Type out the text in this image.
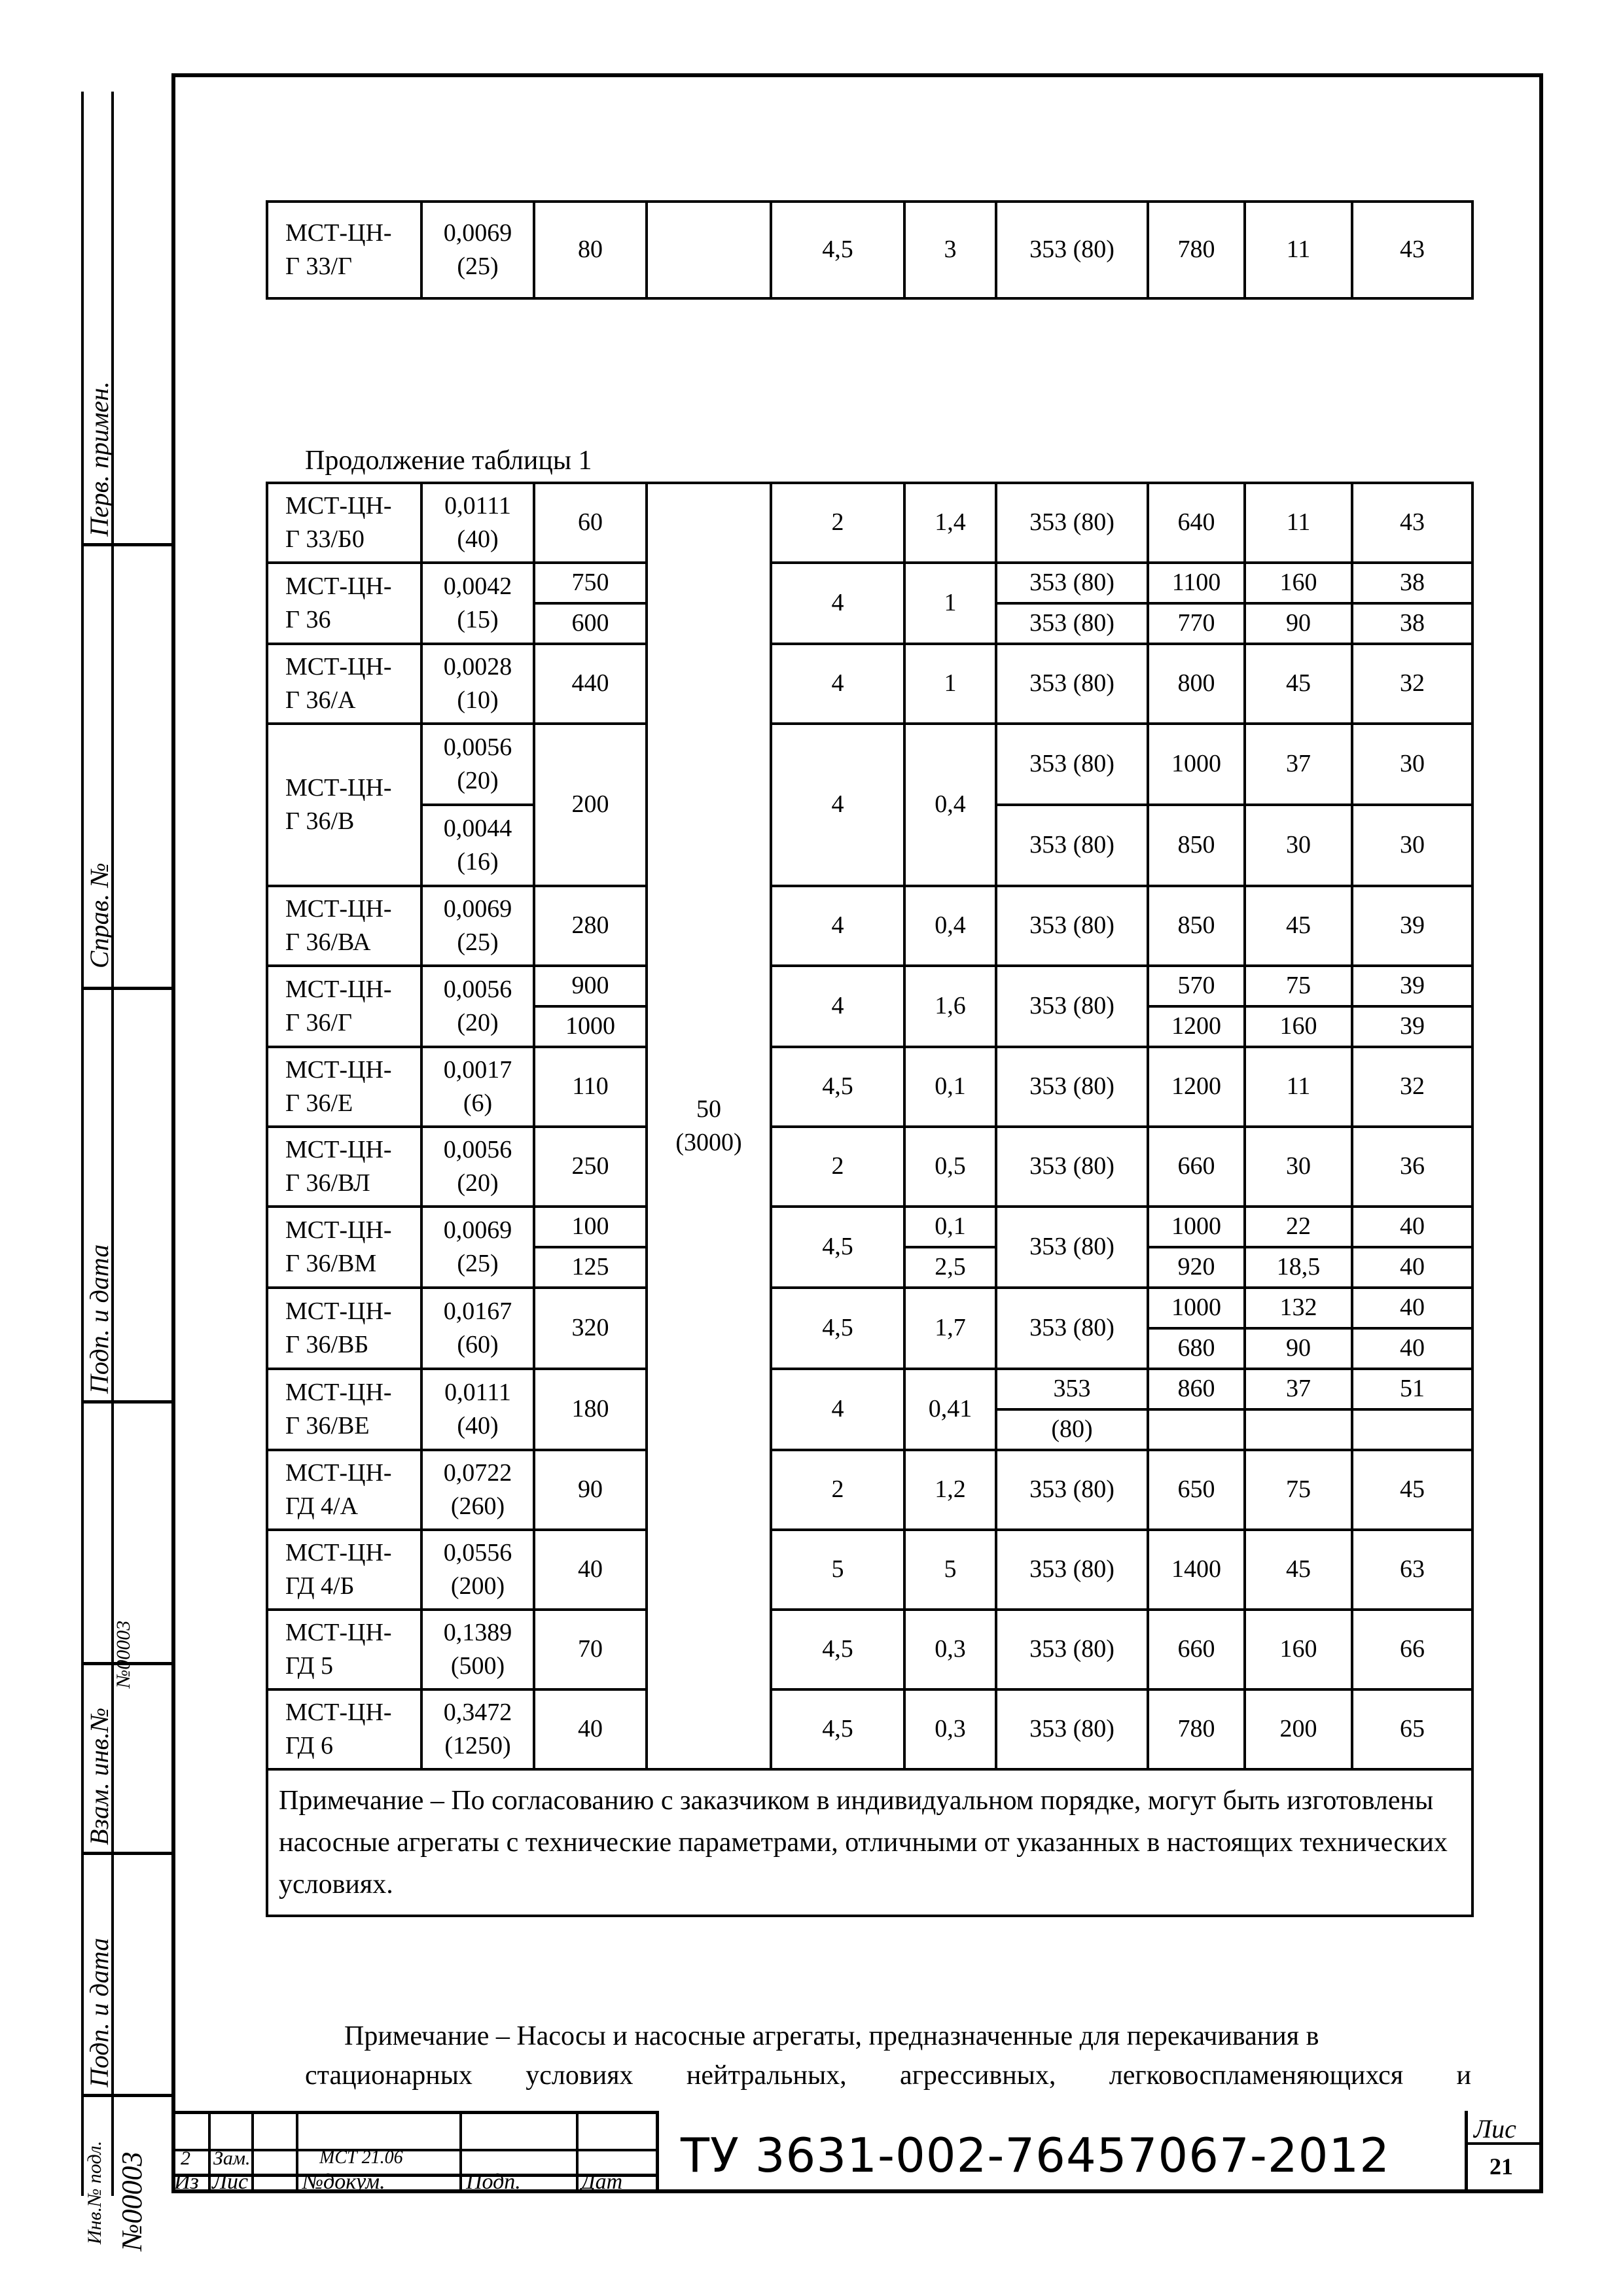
Перв. примен.
Справ. №
Подп. и дата
Взам. инв.№
№00003
Подп. и дата
Инв.№ подл. №00003
МСТ-ЦН-
Г 33/Г	0,0069
(25)	80		4,5	3	353 (80)	780	11	43
Продолжение таблицы 1
МСТ-ЦН-
Г 33/Б0	0,0111
(40)	60	50
(3000)	2	1,4	353 (80)	640	11	43
МСТ-ЦН-
Г 36	0,0042
(15)	750		4	1	353 (80)	1100	160	38
		600				353 (80)	770	90	38
МСТ-ЦН-
Г 36/А	0,0028
(10)	440		4	1	353 (80)	800	45	32
МСТ-ЦН-
Г 36/В	0,0056
(20)	200		4	0,4	353 (80)	1000	37	30
	0,0044
(16)					353 (80)	850	30	30
МСТ-ЦН-
Г 36/ВА	0,0069
(25)	280		4	0,4	353 (80)	850	45	39
МСТ-ЦН-
Г 36/Г	0,0056
(20)	900		4	1,6	353 (80)	570	75	39
		1000					1200	160	39
МСТ-ЦН-
Г 36/Е	0,0017
(6)	110		4,5	0,1	353 (80)	1200	11	32
МСТ-ЦН-
Г 36/ВЛ	0,0056
(20)	250		2	0,5	353 (80)	660	30	36
МСТ-ЦН-
Г 36/ВМ	0,0069
(25)	100		4,5	0,1	353 (80)	1000	22	40
		125			2,5		920	18,5	40
МСТ-ЦН-
Г 36/ВБ	0,0167
(60)	320		4,5	1,7	353 (80)	1000	132	40
							680	90	40
МСТ-ЦН-
Г 36/ВЕ	0,0111
(40)	180		4	0,41	353	860	37	51
						(80)			
МСТ-ЦН-
ГД 4/А	0,0722
(260)	90		2	1,2	353 (80)	650	75	45
МСТ-ЦН-
ГД 4/Б	0,0556
(200)	40		5	5	353 (80)	1400	45	63
МСТ-ЦН-
ГД 5	0,1389
(500)	70		4,5	0,3	353 (80)	660	160	66
МСТ-ЦН-
ГД 6	0,3472
(1250)	40		4,5	0,3	353 (80)	780	200	65
Примечание – По согласованию с заказчиком в индивидуальном порядке, могут быть изготовлены насосные агрегаты с технические параметрами, отличными от указанных в настоящих технических условиях.									
Примечание – Насосы и насосные агрегаты, предназначенные для перекачивания в
стационарных условиях нейтральных, агрессивных, легковоспламеняющихся и
2 Зам.	МСТ 21.06
Из Лис №докум.	Подп.	Дат
Лис
21
ТУ 3631-002-76457067-2012
